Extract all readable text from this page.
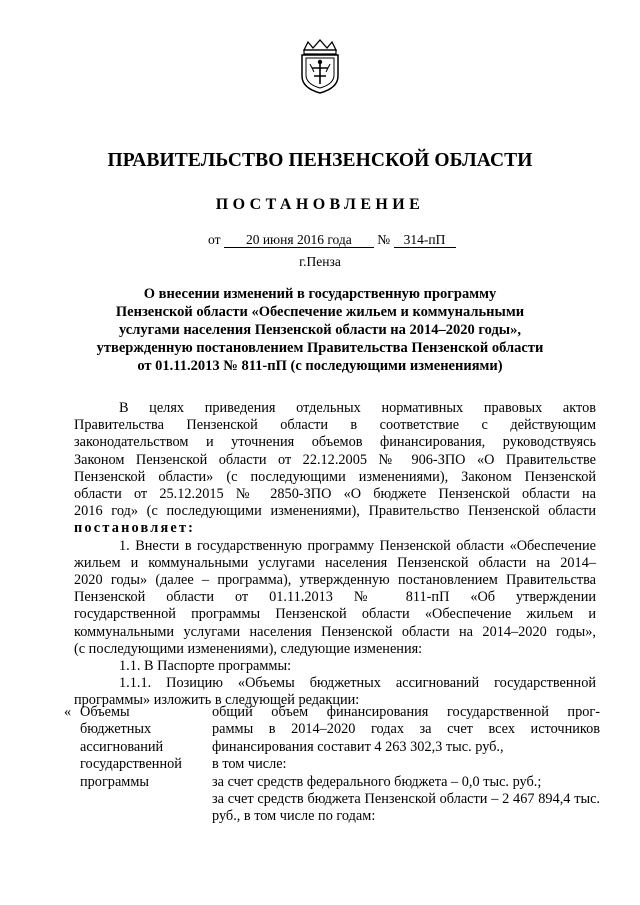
ПРАВИТЕЛЬСТВО ПЕНЗЕНСКОЙ ОБЛАСТИ
ПОСТАНОВЛЕНИЕ
от 20 июня 2016 года № 314-пП
г.Пенза
О внесении изменений в государственную программу
Пензенской области «Обеспечение жильем и коммунальными
услугами населения Пензенской области на 2014–2020 годы»,
утвержденную постановлением Правительства Пензенской области
от 01.11.2013 № 811-пП (с последующими изменениями)

В целях приведения отдельных нормативных правовых актов

Правительства Пензенской области в соответствие с действующим

законодательством и уточнения объемов финансирования, руководствуясь

Законом Пензенской области от 22.12.2005 № 906-ЗПО «О Правительстве

Пензенской области» (с последующими изменениями), Законом Пензенской

области от 25.12.2015 № 2850-ЗПО «О бюджете Пензенской области на

2016 год» (с последующими изменениями), Правительство Пензенской области

постановляет:

1. Внести в государственную программу Пензенской области «Обеспечение

жильем и коммунальными услугами населения Пензенской области на 2014–

2020 годы» (далее – программа), утвержденную постановлением Правительства

Пензенской области от 01.11.2013 № 811-пП «Об утверждении

государственной программы Пензенской области «Обеспечение жильем и

коммунальными услугами населения Пензенской области на 2014–2020 годы»,

(с последующими изменениями), следующие изменения:

1.1. В Паспорте программы:

1.1.1. Позицию «Объемы бюджетных ассигнований государственной

программы» изложить в следующей редакции:

« Объемы
бюджетных
ассигнований
государственной
программы
общий объем финансирования государственной прог-
раммы в 2014–2020 годах за счет всех источников
финансирования составит 4 263 302,3 тыс. руб.,
в том числе:
за счет средств федерального бюджета – 0,0 тыс. руб.;
за счет средств бюджета Пензенской области – 2 467 894,4 тыс.
руб., в том числе по годам:
